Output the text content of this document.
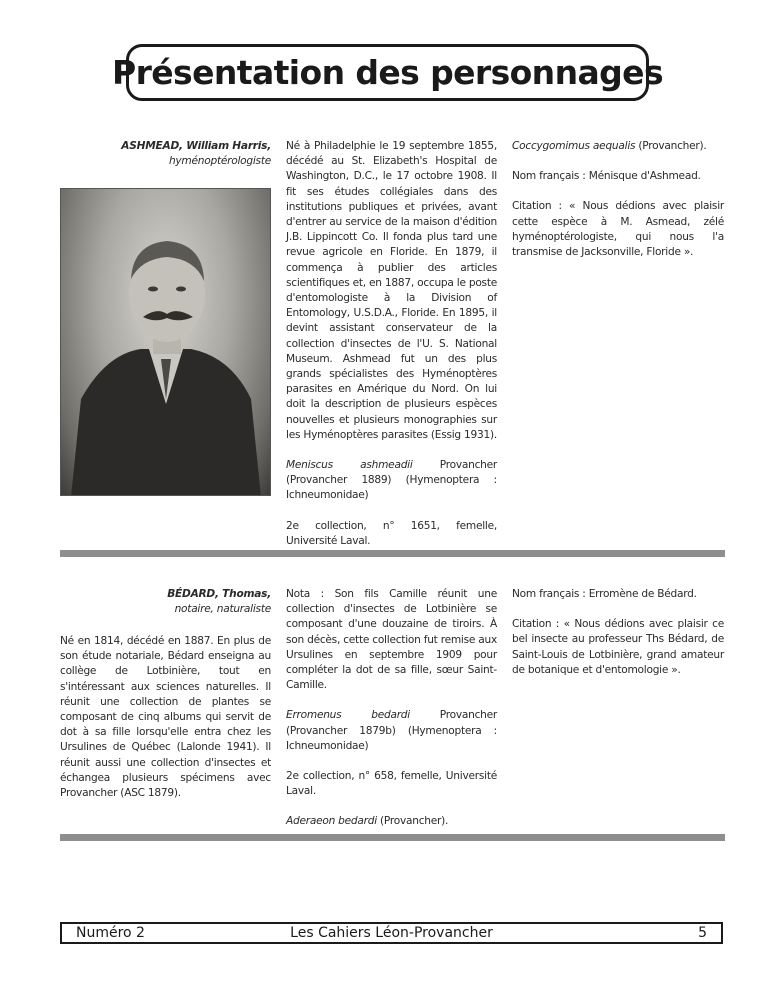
Présentation des personnages
ASHMEAD, William Harris,
hyménoptérologiste

Né à Philadelphie le 19 septembre 1855, décédé au St. Elizabeth's Hospital de Washington, D.C., le 17 octobre 1908. Il fit ses études collégiales dans des institutions publiques et privées, avant d'entrer au service de la maison d'édition J.B. Lippincott Co. Il fonda plus tard une revue agricole en Floride. En 1879, il commença à publier des articles scientifiques et, en 1887, occupa le poste d'entomologiste à la Division of Entomology, U.S.D.A., Floride. En 1895, il devint assistant conservateur de la collection d'insectes de l'U. S. National Museum. Ashmead fut un des plus grands spécialistes des Hyménoptères parasites en Amérique du Nord. On lui doit la description de plusieurs espèces nouvelles et plusieurs monographies sur les Hyménoptères parasites (Essig 1931).

Meniscus ashmeadii Provancher (Provancher 1889) (Hymenoptera : Ichneumonidae)

2e collection, n° 1651, femelle, Université Laval.

Coccygomimus aequalis (Provancher).

Nom français : Ménisque d'Ashmead.

Citation : « Nous dédions avec plaisir cette espèce à M. Asmead, zélé hyménoptérologiste, qui nous l'a transmise de Jacksonville, Floride ».

BÉDARD, Thomas,
notaire, naturaliste

Né en 1814, décédé en 1887. En plus de son étude notariale, Bédard enseigna au collège de Lotbinière, tout en s'intéressant aux sciences naturelles. Il réunit une collection de plantes se composant de cinq albums qui servit de dot à sa fille lorsqu'elle entra chez les Ursulines de Québec (Lalonde 1941). Il réunit aussi une collection d'insectes et échangea plusieurs spécimens avec Provancher (ASC 1879).

Nota : Son fils Camille réunit une collection d'insectes de Lotbinière se composant d'une douzaine de tiroirs. À son décès, cette collection fut remise aux Ursulines en septembre 1909 pour compléter la dot de sa fille, sœur Saint-Camille.

Erromenus bedardi Provancher (Provancher 1879b) (Hymenoptera : Ichneumonidae)

2e collection, n° 658, femelle, Université Laval.

Aderaeon bedardi (Provancher).

Nom français : Erromène de Bédard.

Citation : « Nous dédions avec plaisir ce bel insecte au professeur Ths Bédard, de Saint-Louis de Lotbinière, grand amateur de botanique et d'entomologie ».

Numéro 2	Les Cahiers Léon-Provancher	5
